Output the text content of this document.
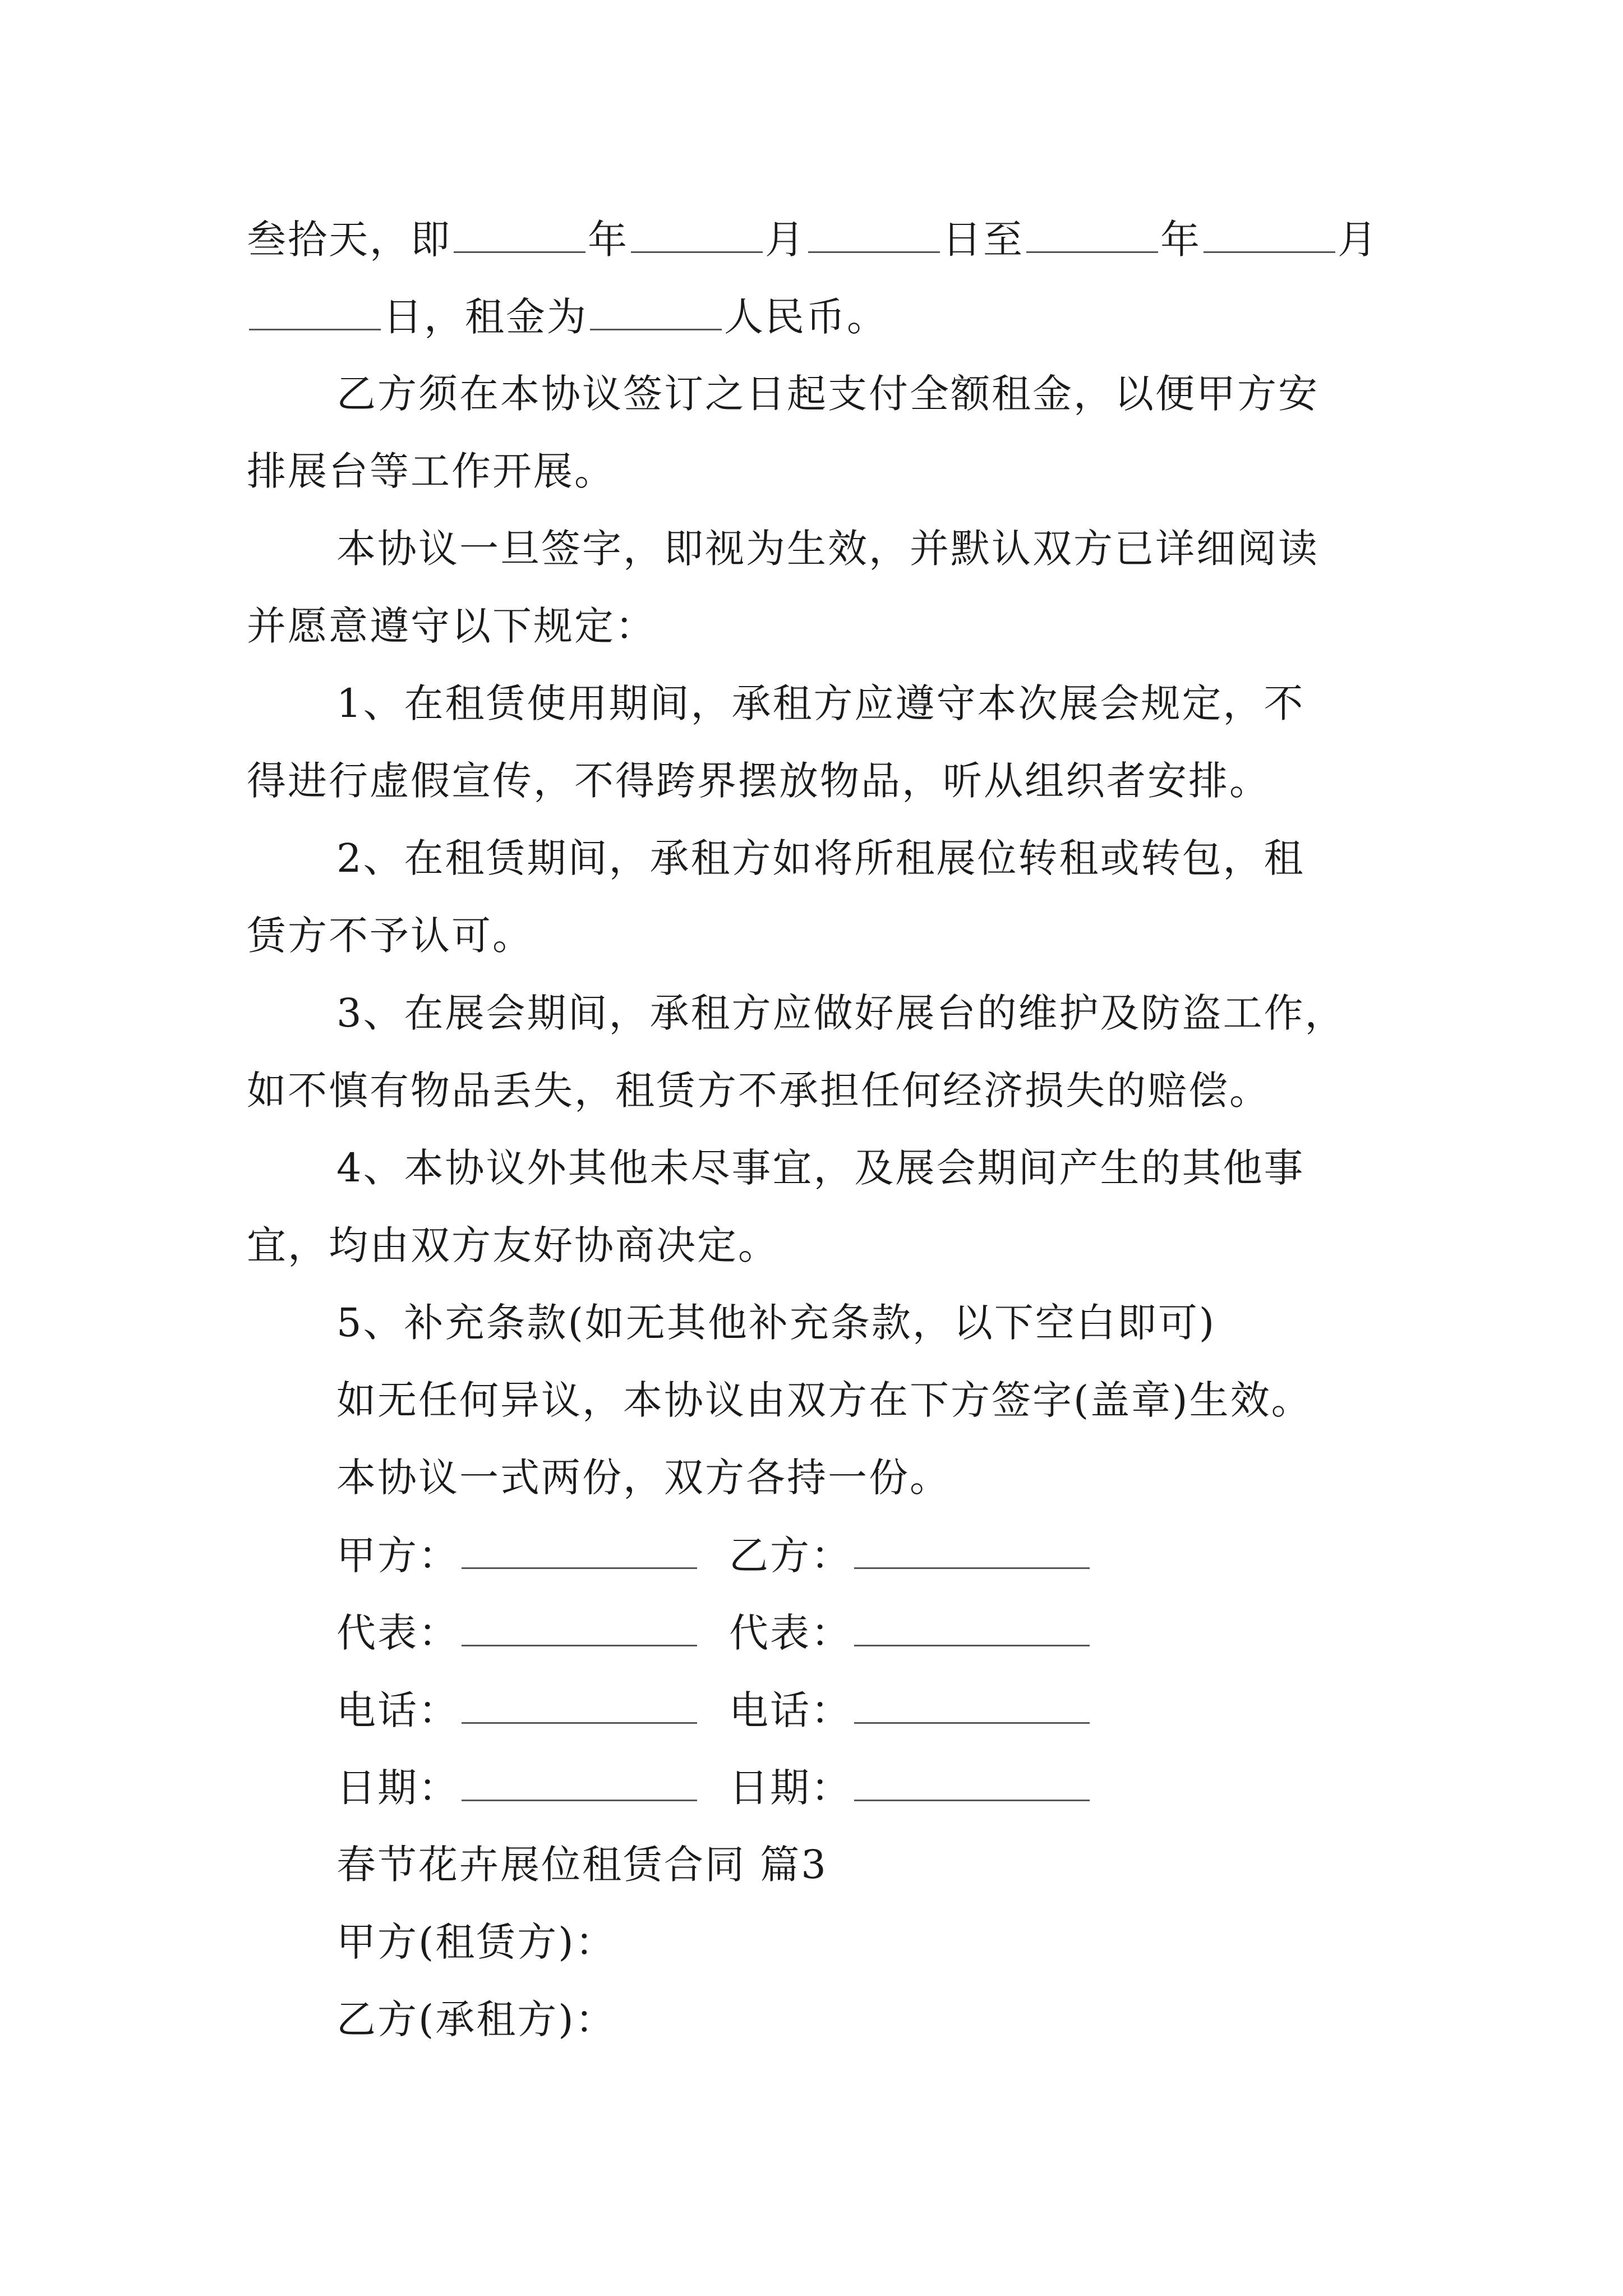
叁拾天，即	年	月	日至	年	月
日，租金为	人民币。
乙方须在本协议签订之日起支付全额租金，以便甲方安
排展台等工作开展。
本协议一旦签字，即视为生效，并默认双方已详细阅读
并愿意遵守以下规定：
1、在租赁使用期间，承租方应遵守本次展会规定，不
得进行虚假宣传，不得跨界摆放物品，听从组织者安排。
2、在租赁期间，承租方如将所租展位转租或转包，租
赁方不予认可。
3、在展会期间，承租方应做好展台的维护及防盗工作，
如不慎有物品丢失，租赁方不承担任何经济损失的赔偿。
4、本协议外其他未尽事宜，及展会期间产生的其他事
宜，均由双方友好协商决定。
5、补充条款(如无其他补充条款，以下空白即可)
如无任何异议，本协议由双方在下方签字(盖章)生效。
本协议一式两份，双方各持一份。
甲方：	乙方：
代表：	代表：
电话：	电话：
日期：	日期：
春节花卉展位租赁合同 篇3
甲方(租赁方)：
乙方(承租方)：
